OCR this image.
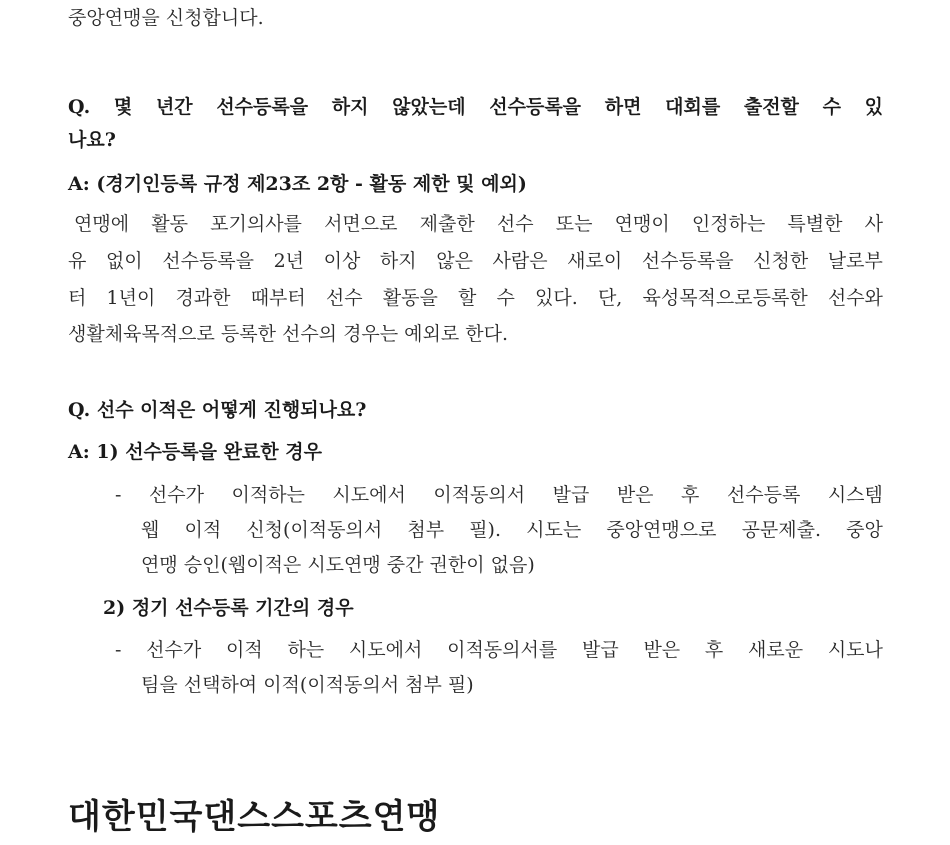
중앙연맹을 신청합니다.
Q. 몇 년간 선수등록을 하지 않았는데 선수등록을 하면 대회를 출전할 수 있
나요?
A: (경기인등록 규정 제23조 2항 - 활동 제한 및 예외)
연맹에 활동 포기의사를 서면으로 제출한 선수 또는 연맹이 인정하는 특별한 사
유 없이 선수등록을 2년 이상 하지 않은 사람은 새로이 선수등록을 신청한 날로부
터 1년이 경과한 때부터 선수 활동을 할 수 있다. 단, 육성목적으로등록한 선수와
생활체육목적으로 등록한 선수의 경우는 예외로 한다.
Q. 선수 이적은 어떻게 진행되나요?
A: 1) 선수등록을 완료한 경우
- 선수가 이적하는 시도에서 이적동의서 발급 받은 후 선수등록 시스템
웹 이적 신청(이적동의서 첨부 필). 시도는 중앙연맹으로 공문제출. 중앙
연맹 승인(웹이적은 시도연맹 중간 권한이 없음)
2) 정기 선수등록 기간의 경우
- 선수가 이적 하는 시도에서 이적동의서를 발급 받은 후 새로운 시도나
팀을 선택하여 이적(이적동의서 첨부 필)
대한민국댄스스포츠연맹
